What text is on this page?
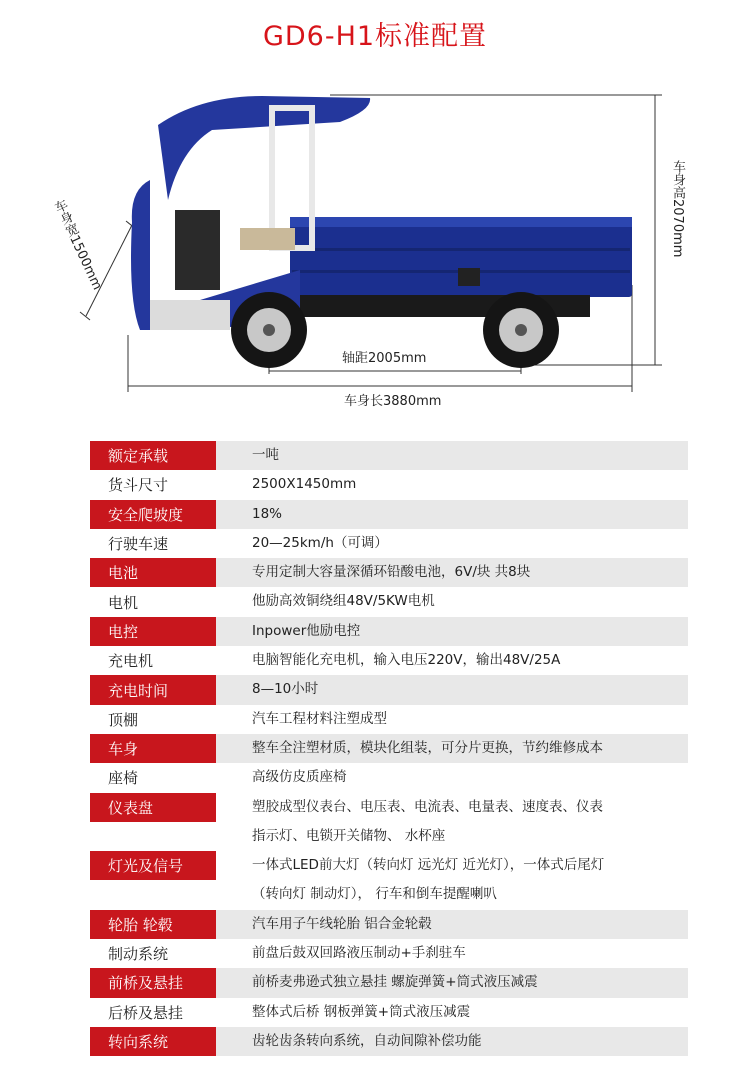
GD6-H1标准配置
车身高2070mm
车身宽1500mm
轴距2005mm
车身长3880mm
额定承载	一吨
货斗尺寸	2500X1450mm
安全爬坡度	18%
行驶车速	20—25km/h（可调）
电池	专用定制大容量深循环铅酸电池，6V/块 共8块
电机	他励高效铜绕组48V/5KW电机
电控	Inpower他励电控
充电机	电脑智能化充电机，输入电压220V，输出48V/25A
充电时间	8—10小时
顶棚	汽车工程材料注塑成型
车身	整车全注塑材质，模块化组装，可分片更换，节约维修成本
座椅	高级仿皮质座椅
仪表盘	塑胶成型仪表台、电压表、电流表、电量表、速度表、仪表
指示灯、电锁开关储物、 水杯座
灯光及信号	一体式LED前大灯（转向灯 远光灯 近光灯），一体式后尾灯
（转向灯 制动灯）， 行车和倒车提醒喇叭
轮胎 轮毂	汽车用子午线轮胎 铝合金轮毂
制动系统	前盘后鼓双回路液压制动+手刹驻车
前桥及悬挂	前桥麦弗逊式独立悬挂 螺旋弹簧+筒式液压减震
后桥及悬挂	整体式后桥 钢板弹簧+筒式液压减震
转向系统	齿轮齿条转向系统，自动间隙补偿功能
